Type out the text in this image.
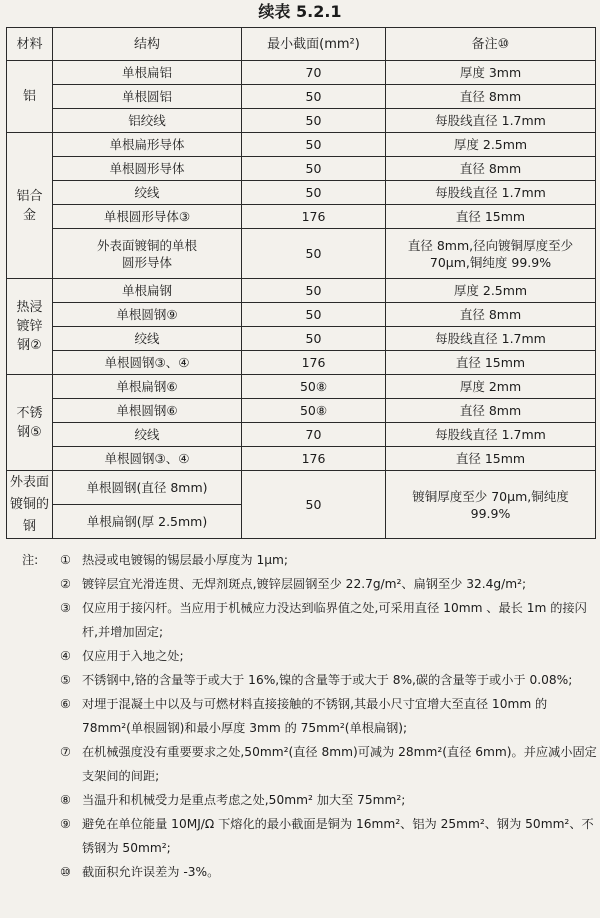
续表 5.2.1
材料	结构	最小截面(mm²)	备注⑩
铝	单根扁铝	70	厚度 3mm
	单根圆铝	50	直径 8mm
	铝绞线	50	每股线直径 1.7mm
铝合金	单根扁形导体	50	厚度 2.5mm
	单根圆形导体	50	直径 8mm
	绞线	50	每股线直径 1.7mm
	单根圆形导体③	176	直径 15mm
	外表面镀铜的单根圆形导体	50	直径 8mm,径向镀铜厚度至少 70μm,铜纯度 99.9%
热浸镀锌钢②	单根扁钢	50	厚度 2.5mm
	单根圆钢⑨	50	直径 8mm
	绞线	50	每股线直径 1.7mm
	单根圆钢③、④	176	直径 15mm
不锈钢⑤	单根扁钢⑥	50⑧	厚度 2mm
	单根圆钢⑥	50⑧	直径 8mm
	绞线	70	每股线直径 1.7mm
	单根圆钢③、④	176	直径 15mm
外表面镀铜的钢	单根圆钢(直径 8mm)	50	镀铜厚度至少 70μm,铜纯度 99.9%
	单根扁钢(厚 2.5mm)		
注:	① 热浸或电镀锡的锡层最小厚度为 1μm;
② 镀锌层宜光滑连贯、无焊剂斑点,镀锌层圆钢至少 22.7g/m²、扁钢至少 32.4g/m²;
③ 仅应用于接闪杆。当应用于机械应力没达到临界值之处,可采用直径 10mm 、最长 1m 的接闪杆,并增加固定;
④ 仅应用于入地之处;
⑤ 不锈钢中,铬的含量等于或大于 16%,镍的含量等于或大于 8%,碳的含量等于或小于 0.08%;
⑥ 对埋于混凝土中以及与可燃材料直接接触的不锈钢,其最小尺寸宜增大至直径 10mm 的 78mm²(单根圆钢)和最小厚度 3mm 的 75mm²(单根扁钢);
⑦ 在机械强度没有重要要求之处,50mm²(直径 8mm)可减为 28mm²(直径 6mm)。并应减小固定支架间的间距;
⑧ 当温升和机械受力是重点考虑之处,50mm² 加大至 75mm²;
⑨ 避免在单位能量 10MJ/Ω 下熔化的最小截面是铜为 16mm²、铝为 25mm²、钢为 50mm²、不锈钢为 50mm²;
⑩ 截面积允许误差为 -3%。
